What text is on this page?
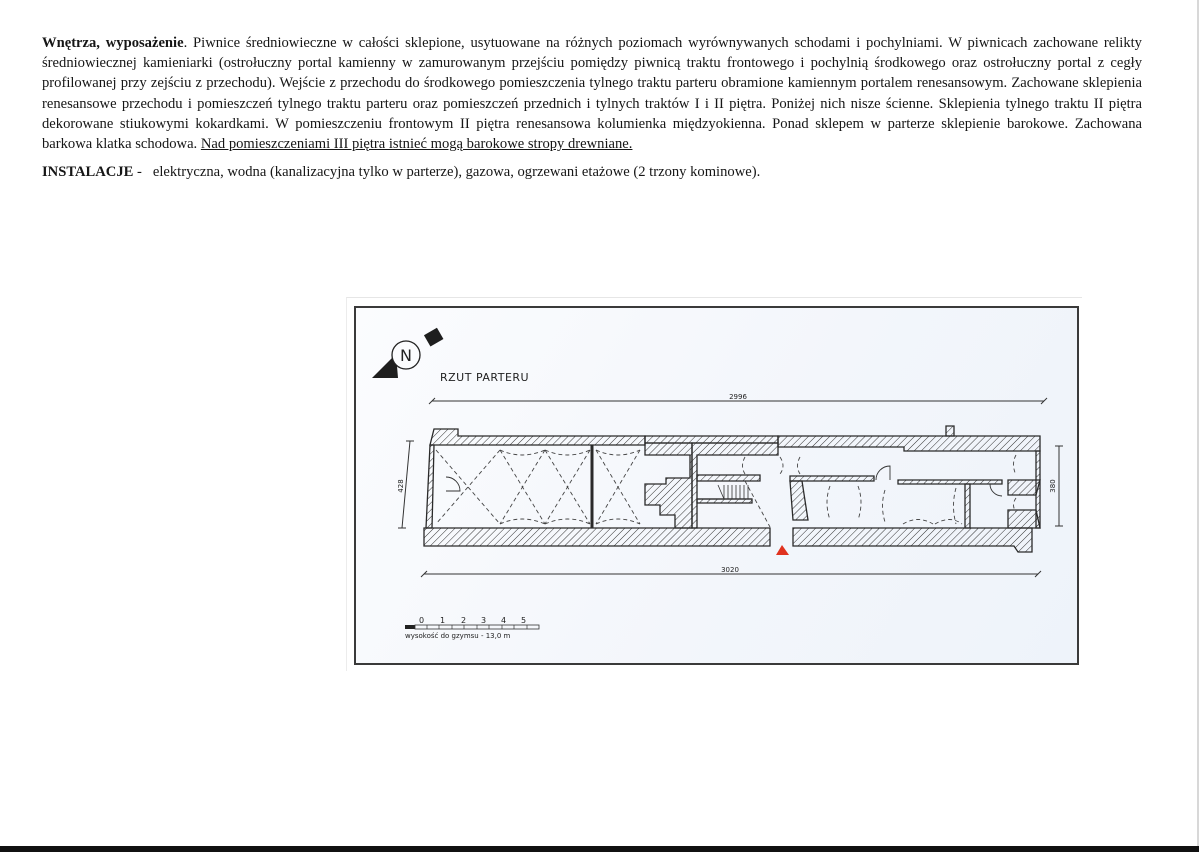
Wnętrza, wyposażenie. Piwnice średniowieczne w całości sklepione, usytuowane na różnych poziomach wyrównywanych schodami i pochylniami. W piwnicach zachowane relikty średniowiecznej kamieniarki (ostrołuczny portal kamienny w zamurowanym przejściu pomiędzy piwnicą traktu frontowego i pochylnią środkowego oraz ostrołuczny portal z cegły profilowanej przy zejściu z przechodu). Wejście z przechodu do środkowego pomieszczenia tylnego traktu parteru obramione kamiennym portalem renesansowym. Zachowane sklepienia renesansowe przechodu i pomieszczeń tylnego traktu parteru oraz pomieszczeń przednich i tylnych traktów I i II piętra. Poniżej nich nisze ścienne. Sklepienia tylnego traktu II piętra dekorowane stiukowymi kokardkami. W pomieszczeniu frontowym II piętra renesansowa kolumienka międzyokienna. Ponad sklepem w parterze sklepienie barokowe. Zachowana barkowa klatka schodowa. Nad pomieszczeniami III piętra istnieć mogą barokowe stropy drewniane.

INSTALACJE -   elektryczna, wodna (kanalizacyjna tylko w parterze), gazowa, ogrzewani etażowe (2 trzony kominowe).

N
RZUT PARTERU
2996
3020
428	380
0 1 2 3 4 5
wysokość do gzymsu - 13,0 m
